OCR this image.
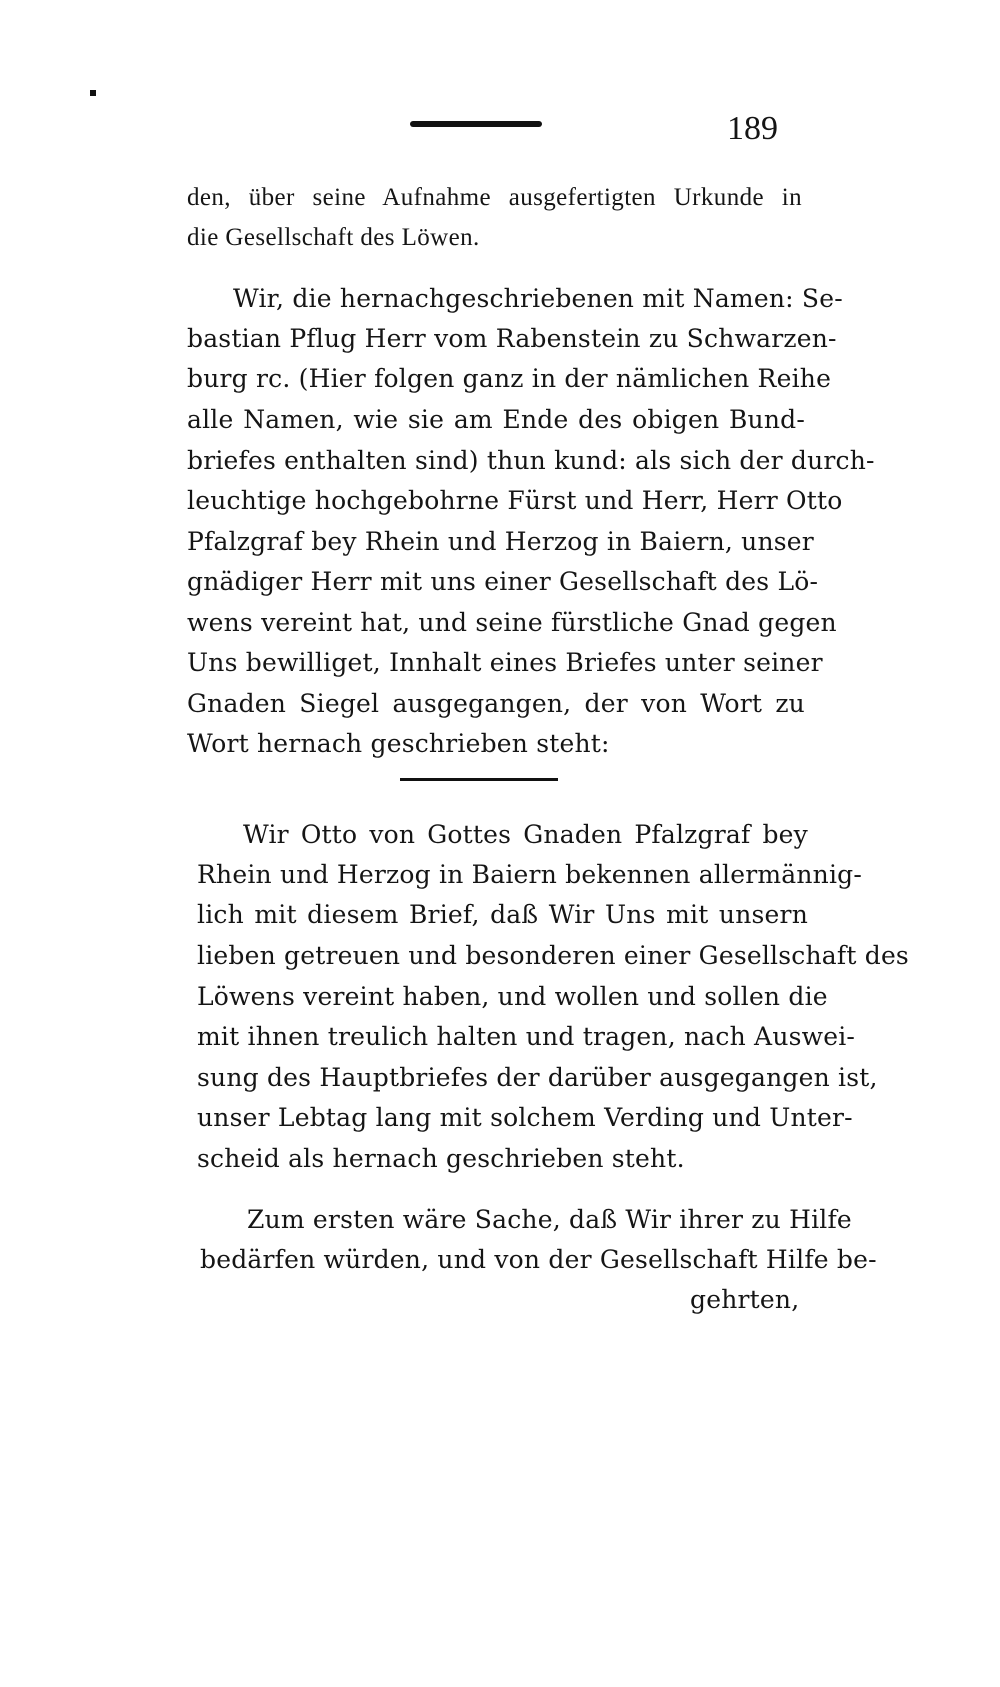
189
den, über seine Aufnahme ausgefertigten Urkunde in
die Gesellschaft des Löwen.
Wir, die hernachgeschriebenen mit Namen: Se-
bastian Pflug Herr vom Rabenstein zu Schwarzen-
burg rc. (Hier folgen ganz in der nämlichen Reihe
alle Namen, wie sie am Ende des obigen Bund-
briefes enthalten sind) thun kund: als sich der durch-
leuchtige hochgebohrne Fürst und Herr, Herr Otto
Pfalzgraf bey Rhein und Herzog in Baiern, unser
gnädiger Herr mit uns einer Gesellschaft des Lö-
wens vereint hat, und seine fürstliche Gnad gegen
Uns bewilliget, Innhalt eines Briefes unter seiner
Gnaden Siegel ausgegangen, der von Wort zu
Wort hernach geschrieben steht:
Wir Otto von Gottes Gnaden Pfalzgraf bey
Rhein und Herzog in Baiern bekennen allermännig-
lich mit diesem Brief, daß Wir Uns mit unsern
lieben getreuen und besonderen einer Gesellschaft des
Löwens vereint haben, und wollen und sollen die
mit ihnen treulich halten und tragen, nach Auswei-
sung des Hauptbriefes der darüber ausgegangen ist,
unser Lebtag lang mit solchem Verding und Unter-
scheid als hernach geschrieben steht.
Zum ersten wäre Sache, daß Wir ihrer zu Hilfe
bedärfen würden, und von der Gesellschaft Hilfe be-
gehrten,
